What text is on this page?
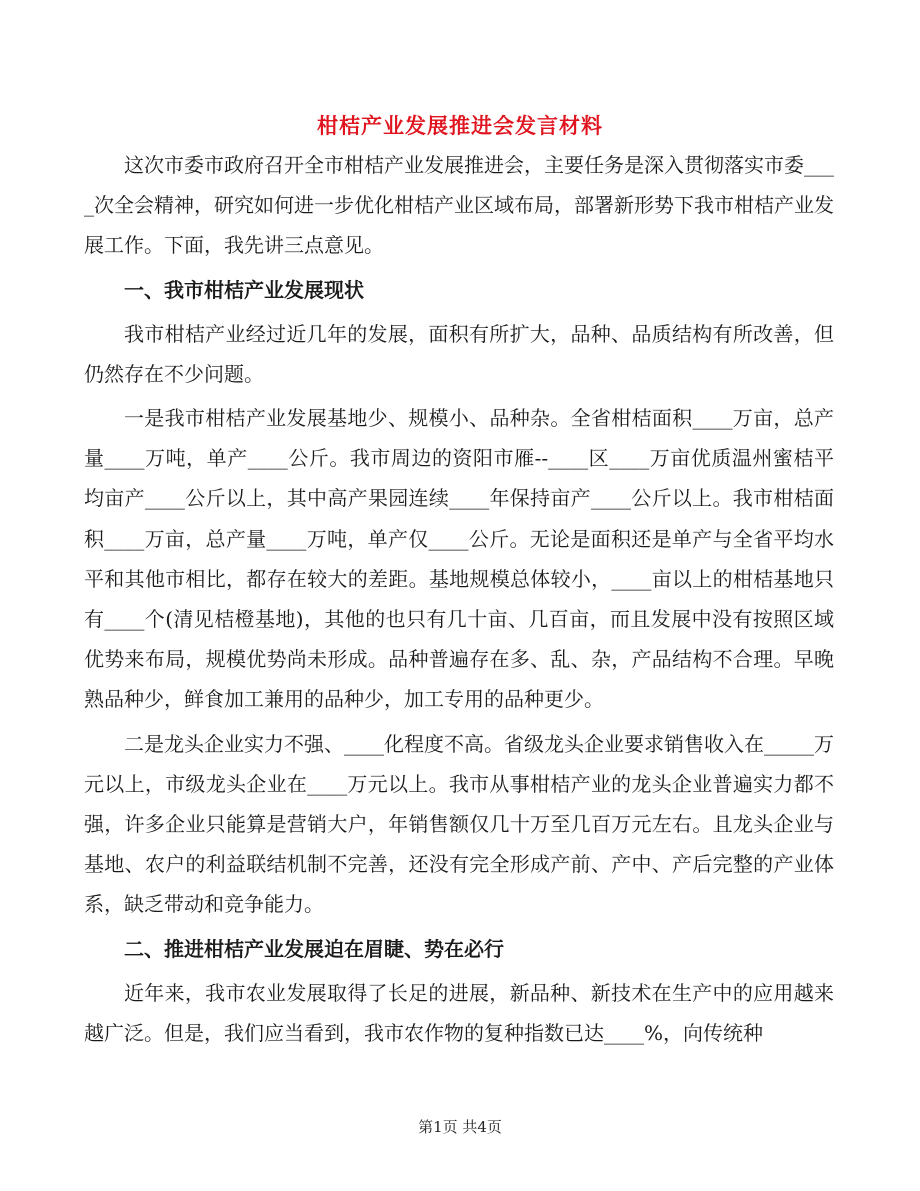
柑桔产业发展推进会发言材料

这次市委市政府召开全市柑桔产业发展推进会，主要任务是深入贯彻落实市委____次全会精神，研究如何进一步优化柑桔产业区域布局，部署新形势下我市柑桔产业发展工作。下面，我先讲三点意见。

一、我市柑桔产业发展现状

我市柑桔产业经过近几年的发展，面积有所扩大，品种、品质结构有所改善，但仍然存在不少问题。

一是我市柑桔产业发展基地少、规模小、品种杂。全省柑桔面积____万亩，总产量____万吨，单产____公斤。我市周边的资阳市雁--____区____万亩优质温州蜜桔平均亩产____公斤以上，其中高产果园连续____年保持亩产____公斤以上。我市柑桔面积____万亩，总产量____万吨，单产仅____公斤。无论是面积还是单产与全省平均水平和其他市相比，都存在较大的差距。基地规模总体较小，____亩以上的柑桔基地只有____个(清见桔橙基地)，其他的也只有几十亩、几百亩，而且发展中没有按照区域优势来布局，规模优势尚未形成。品种普遍存在多、乱、杂，产品结构不合理。早晚熟品种少，鲜食加工兼用的品种少，加工专用的品种更少。

二是龙头企业实力不强、____化程度不高。省级龙头企业要求销售收入在_____万元以上，市级龙头企业在____万元以上。我市从事柑桔产业的龙头企业普遍实力都不强，许多企业只能算是营销大户，年销售额仅几十万至几百万元左右。且龙头企业与基地、农户的利益联结机制不完善，还没有完全形成产前、产中、产后完整的产业体系，缺乏带动和竞争能力。

二、推进柑桔产业发展迫在眉睫、势在必行

近年来，我市农业发展取得了长足的进展，新品种、新技术在生产中的应用越来越广泛。但是，我们应当看到，我市农作物的复种指数已达____%，向传统种

第1页 共4页
